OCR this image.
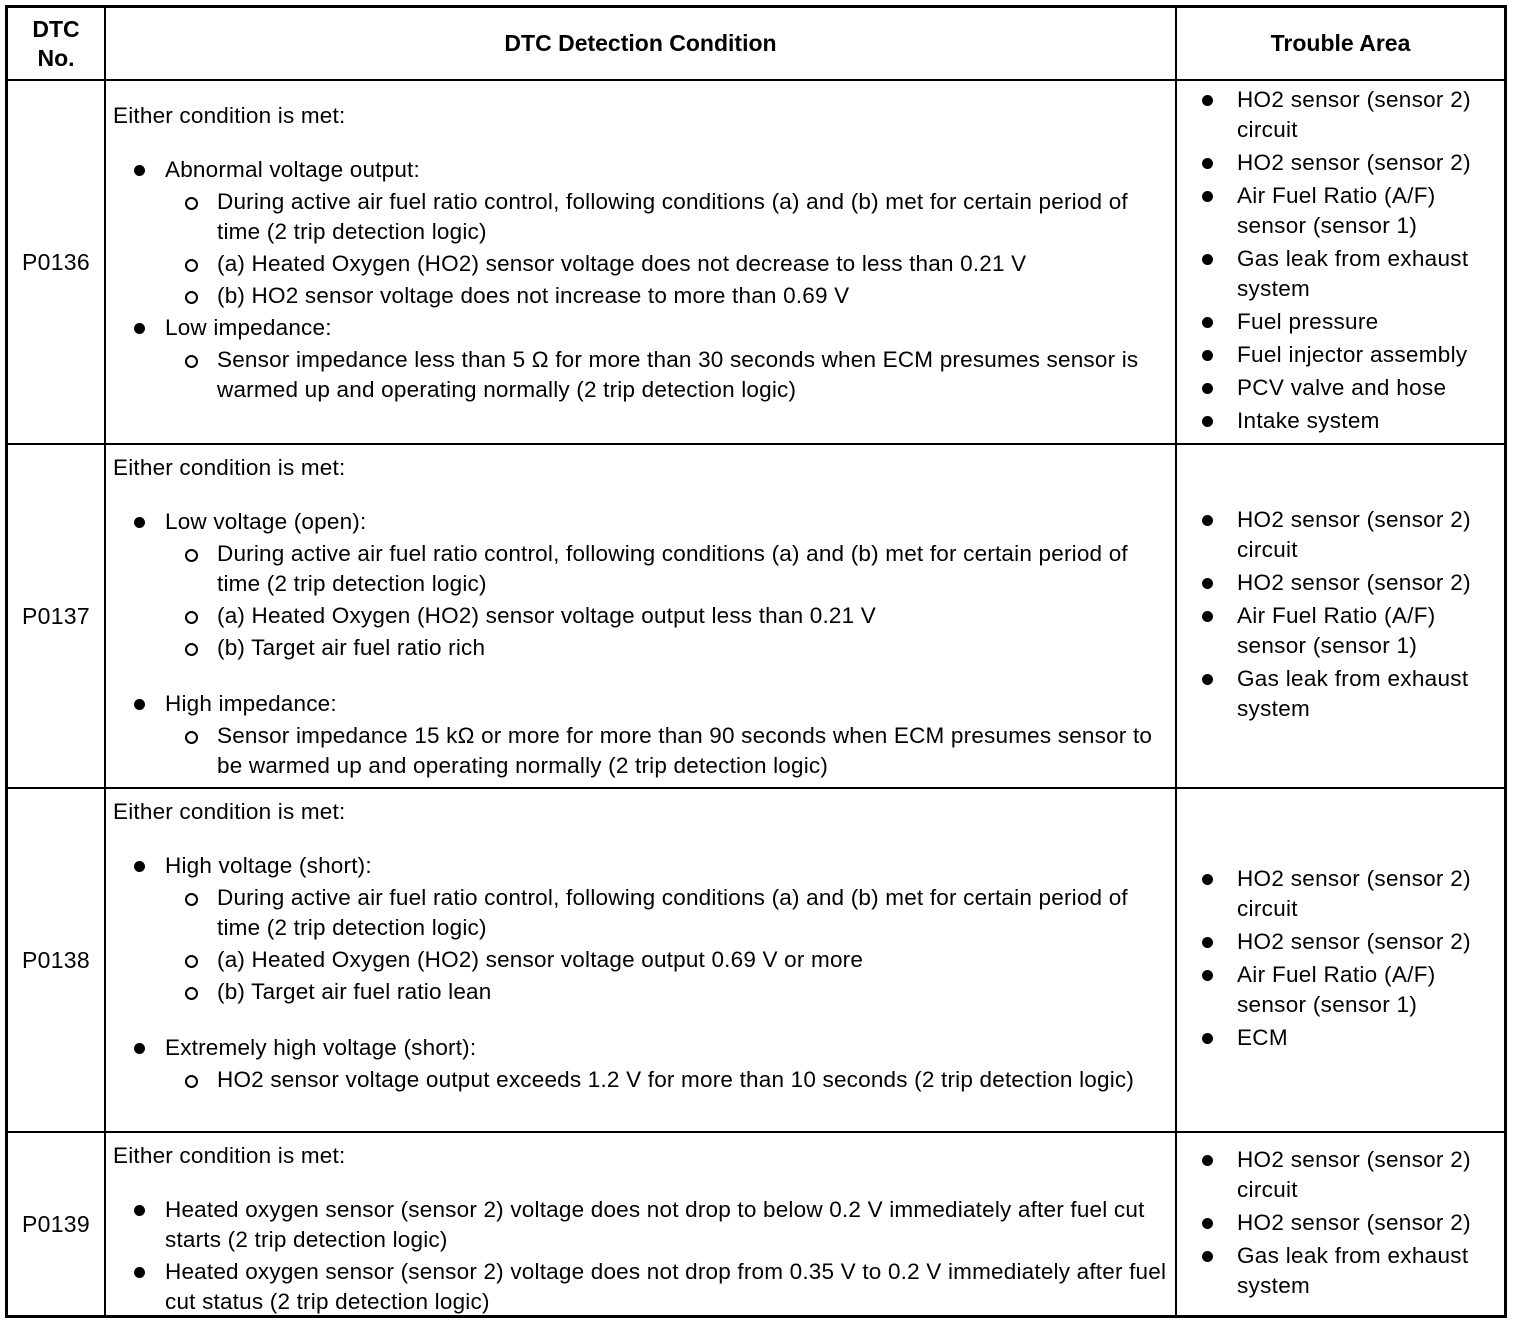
DTC
No.
DTC Detection Condition	Trouble Area
P0136
Either condition is met:
Abnormal voltage output:
During active air fuel ratio control, following conditions (a) and (b) met for certain period of time (2 trip detection logic)
(a) Heated Oxygen (HO2) sensor voltage does not decrease to less than 0.21 V
(b) HO2 sensor voltage does not increase to more than 0.69 V
Low impedance:
Sensor impedance less than 5 Ω for more than 30 seconds when ECM presumes sensor is warmed up and operating normally (2 trip detection logic)
HO2 sensor (sensor 2) circuit
HO2 sensor (sensor 2)
Air Fuel Ratio (A/F) sensor (sensor 1)
Gas leak from exhaust system
Fuel pressure
Fuel injector assembly
PCV valve and hose
Intake system
P0137
Either condition is met:
Low voltage (open):
During active air fuel ratio control, following conditions (a) and (b) met for certain period of time (2 trip detection logic)
(a) Heated Oxygen (HO2) sensor voltage output less than 0.21 V
(b) Target air fuel ratio rich
High impedance:
Sensor impedance 15 kΩ or more for more than 90 seconds when ECM presumes sensor to be warmed up and operating normally (2 trip detection logic)
HO2 sensor (sensor 2) circuit
HO2 sensor (sensor 2)
Air Fuel Ratio (A/F) sensor (sensor 1)
Gas leak from exhaust system
P0138
Either condition is met:
High voltage (short):
During active air fuel ratio control, following conditions (a) and (b) met for certain period of time (2 trip detection logic)
(a) Heated Oxygen (HO2) sensor voltage output 0.69 V or more
(b) Target air fuel ratio lean
Extremely high voltage (short):
HO2 sensor voltage output exceeds 1.2 V for more than 10 seconds (2 trip detection logic)
HO2 sensor (sensor 2) circuit
HO2 sensor (sensor 2)
Air Fuel Ratio (A/F) sensor (sensor 1)
ECM
P0139
Either condition is met:
Heated oxygen sensor (sensor 2) voltage does not drop to below 0.2 V immediately after fuel cut starts (2 trip detection logic)
Heated oxygen sensor (sensor 2) voltage does not drop from 0.35 V to 0.2 V immediately after fuel cut status (2 trip detection logic)
HO2 sensor (sensor 2) circuit
HO2 sensor (sensor 2)
Gas leak from exhaust system
